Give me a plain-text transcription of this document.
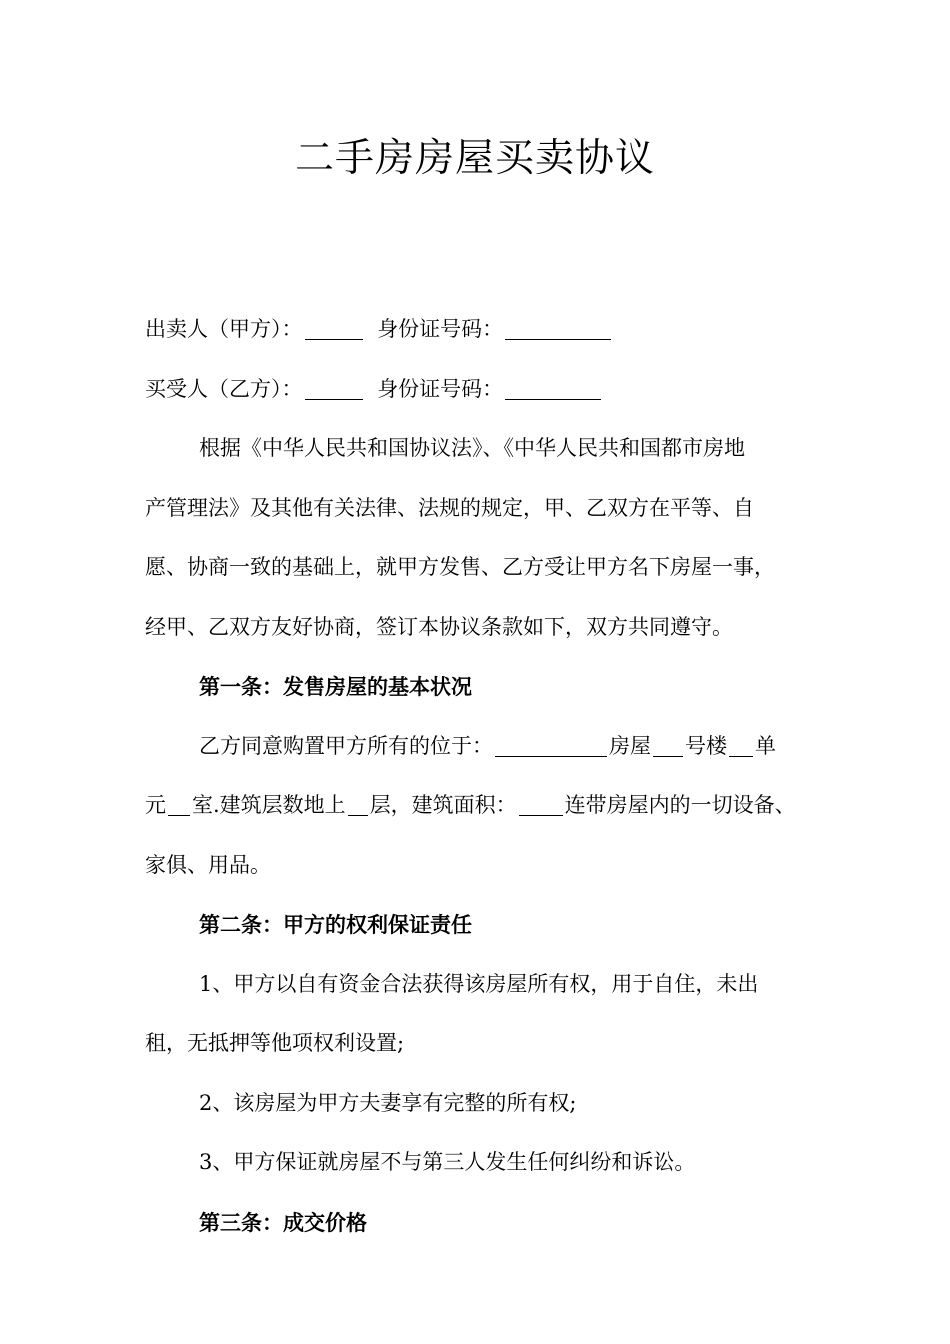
二手房房屋买卖协议
出卖人（甲方）：	身份证号码：
买受人（乙方）：	身份证号码：
根据《中华人民共和国协议法》、《中华人民共和国都市房地
产管理法》及其他有关法律、法规的规定，甲、乙双方在平等、自
愿、协商一致的基础上，就甲方发售、乙方受让甲方名下房屋一事，
经甲、乙双方友好协商，签订本协议条款如下，双方共同遵守。
第一条：发售房屋的基本状况
乙方同意购置甲方所有的位于：	房屋 号楼 单
元 室.建筑层数地上 层，建筑面积： 连带房屋内的一切设备、
家俱、用品。
第二条：甲方的权利保证责任
1、甲方以自有资金合法获得该房屋所有权，用于自住，未出
租，无抵押等他项权利设置;
2、该房屋为甲方夫妻享有完整的所有权;
3、甲方保证就房屋不与第三人发生任何纠纷和诉讼。
第三条：成交价格
